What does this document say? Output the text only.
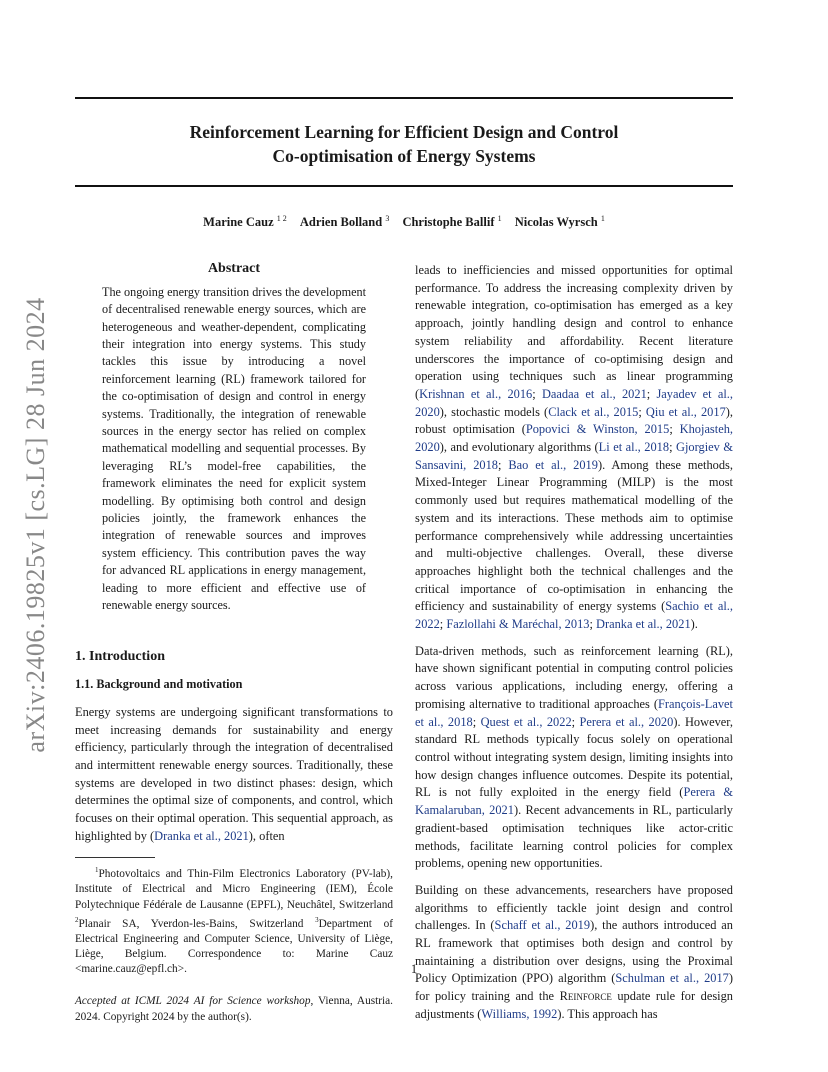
Reinforcement Learning for Efficient Design and Control
Co-optimisation of Energy Systems
Marine Cauz $^{1 2}$ Adrien Bolland $^3$ Christophe Ballif $^1$ Nicolas Wyrsch $^1$
arXiv:2406.19825v1 [cs.LG] 28 Jun 2024
Abstract

The ongoing energy transition drives the development of decentralised renewable energy sources, which are heterogeneous and weather-dependent, complicating their integration into energy systems. This study tackles this issue by introducing a novel reinforcement learning (RL) framework tailored for the co-optimisation of design and control in energy systems. Traditionally, the integration of renewable sources in the energy sector has relied on complex mathematical modelling and sequential processes. By leveraging RL’s model-free capabilities, the framework eliminates the need for explicit system modelling. By optimising both control and design policies jointly, the framework enhances the integration of renewable sources and improves system efficiency. This contribution paves the way for advanced RL applications in energy management, leading to more efficient and effective use of renewable energy sources.

1. Introduction
1.1. Background and motivation

Energy systems are undergoing significant transformations to meet increasing demands for sustainability and energy efficiency, particularly through the integration of decentralised and intermittent renewable energy sources. Traditionally, these systems are developed in two distinct phases: design, which determines the optimal size of components, and control, which focuses on their optimal operation. This sequential approach, as highlighted by (Dranka et al., 2021), often

$^1$Photovoltaics and Thin-Film Electronics Laboratory (PV-lab), Institute of Electrical and Micro Engineering (IEM), École Polytechnique Fédérale de Lausanne (EPFL), Neuchâtel, Switzerland $^2$Planair SA, Yverdon-les-Bains, Switzerland $^3$Department of Electrical Engineering and Computer Science, University of Liège, Liège, Belgium. Correspondence to: Marine Cauz <marine.cauz@epfl.ch>.

Accepted at ICML 2024 AI for Science workshop, Vienna, Austria. 2024. Copyright 2024 by the author(s).

leads to inefficiencies and missed opportunities for optimal performance. To address the increasing complexity driven by renewable integration, co-optimisation has emerged as a key approach, jointly handling design and control to enhance system reliability and affordability. Recent literature underscores the importance of co-optimising design and operation using techniques such as linear programming (Krishnan et al., 2016; Daadaa et al., 2021; Jayadev et al., 2020), stochastic models (Clack et al., 2015; Qiu et al., 2017), robust optimisation (Popovici & Winston, 2015; Khojasteh, 2020), and evolutionary algorithms (Li et al., 2018; Gjorgiev & Sansavini, 2018; Bao et al., 2019). Among these methods, Mixed-Integer Linear Programming (MILP) is the most commonly used but requires mathematical modelling of the system and its interactions. These methods aim to optimise performance comprehensively while addressing uncertainties and multi-objective challenges. Overall, these diverse approaches highlight both the technical challenges and the critical importance of co-optimisation in enhancing the efficiency and sustainability of energy systems (Sachio et al., 2022; Fazlollahi & Maréchal, 2013; Dranka et al., 2021).

Data-driven methods, such as reinforcement learning (RL), have shown significant potential in computing control policies across various applications, including energy, offering a promising alternative to traditional approaches (François-Lavet et al., 2018; Quest et al., 2022; Perera et al., 2020). However, standard RL methods typically focus solely on operational control without integrating system design, limiting insights into how design changes influence outcomes. Despite its potential, RL is not fully exploited in the energy field (Perera & Kamalaruban, 2021). Recent advancements in RL, particularly gradient-based optimisation techniques like actor-critic methods, facilitate learning control policies for complex problems, opening new opportunities.

Building on these advancements, researchers have proposed algorithms to efficiently tackle joint design and control challenges. In (Schaff et al., 2019), the authors introduced an RL framework that optimises both design and control by maintaining a distribution over designs, using the Proximal Policy Optimization (PPO) algorithm (Schulman et al., 2017) for policy training and the Reinforce update rule for design adjustments (Williams, 1992). This approach has

1
